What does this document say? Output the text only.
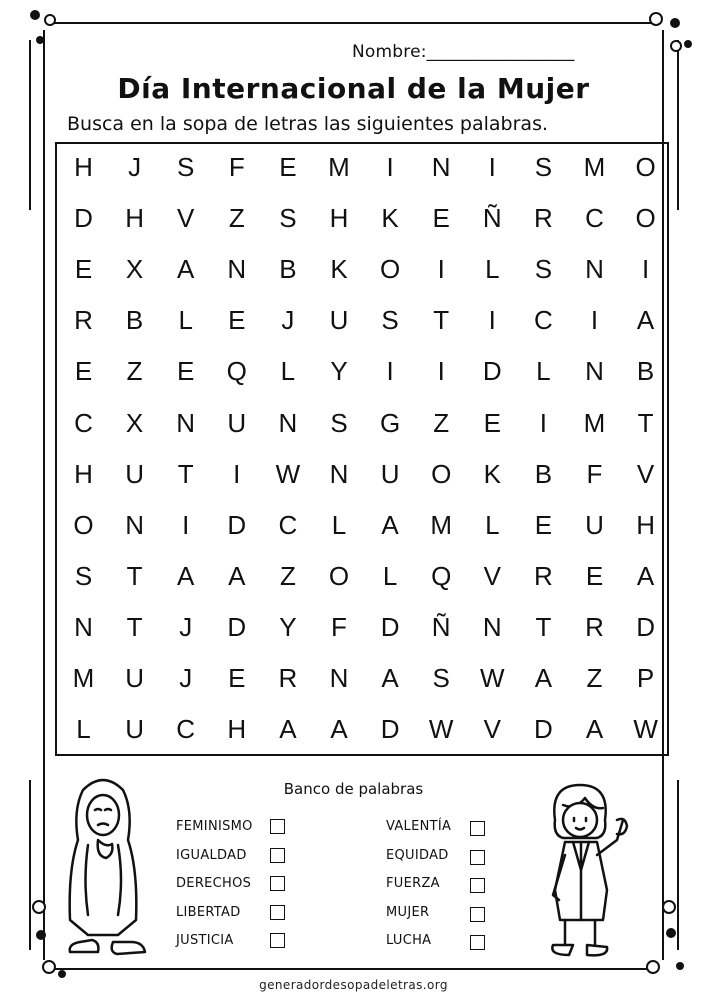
Nombre:_________________
Día Internacional de la Mujer
Busca en la sopa de letras las siguientes palabras.
H	J	S	F	E	M	I	N	I	S	M	O
D	H	V	Z	S	H	K	E	Ñ	R	C	O
E	X	A	N	B	K	O	I	L	S	N	I
R	B	L	E	J	U	S	T	I	C	I	A
E	Z	E	Q	L	Y	I	I	D	L	N	B
C	X	N	U	N	S	G	Z	E	I	M	T
H	U	T	I	W	N	U	O	K	B	F	V
O	N	I	D	C	L	A	M	L	E	U	H
S	T	A	A	Z	O	L	Q	V	R	E	A
N	T	J	D	Y	F	D	Ñ	N	T	R	D
M	U	J	E	R	N	A	S	W	A	Z	P
L	U	C	H	A	A	D	W	V	D	A	W
Banco de palabras
FEMINISMO
IGUALDAD
DERECHOS
LIBERTAD
JUSTICIA
VALENTÍA
EQUIDAD
FUERZA
MUJER
LUCHA
generadordesopadeletras.org
